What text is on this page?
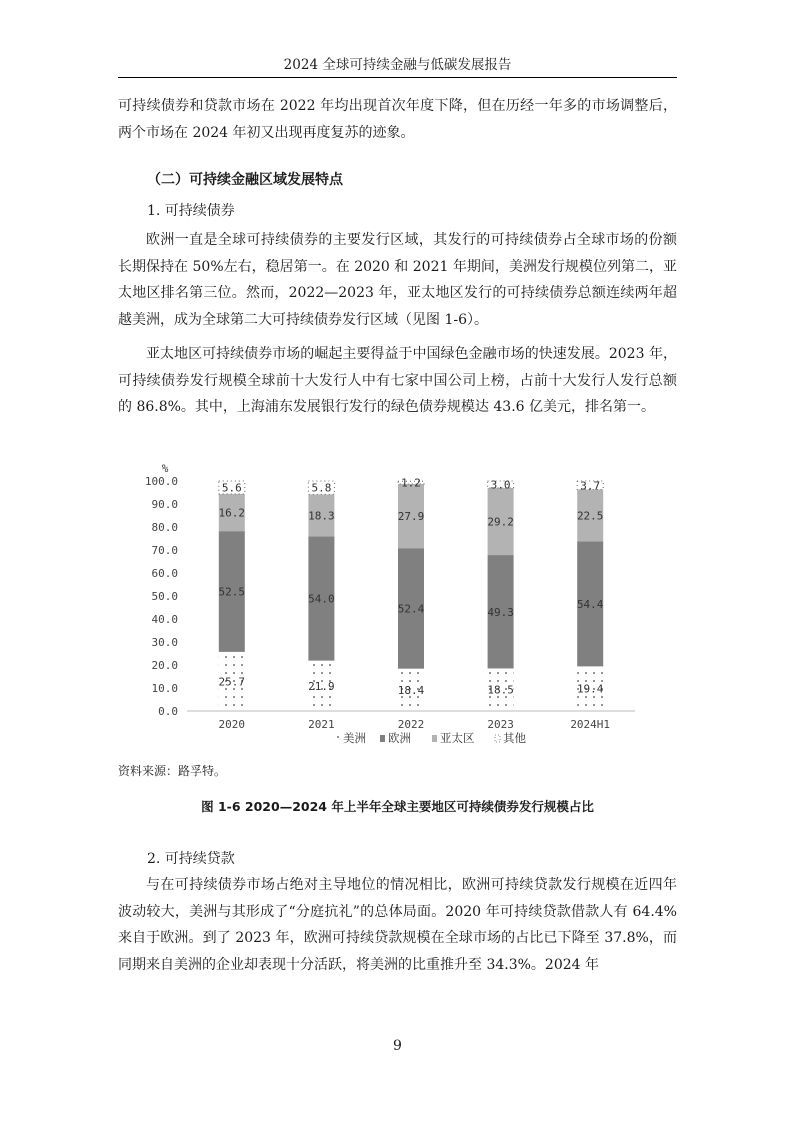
2024 全球可持续金融与低碳发展报告

可持续债券和贷款市场在 2022 年均出现首次年度下降，但在历经一年多的市场调整后，两个市场在 2024 年初又出现再度复苏的迹象。

（二）可持续金融区域发展特点

1. 可持续债券

欧洲一直是全球可持续债券的主要发行区域，其发行的可持续债券占全球市场的份额长期保持在 50%左右，稳居第一。在 2020 和 2021 年期间，美洲发行规模位列第二，亚太地区排名第三位。然而，2022—2023 年，亚太地区发行的可持续债券总额连续两年超越美洲，成为全球第二大可持续债券发行区域（见图 1-6）。

亚太地区可持续债券市场的崛起主要得益于中国绿色金融市场的快速发展。2023 年，可持续债券发行规模全球前十大发行人中有七家中国公司上榜，占前十大发行人发行总额的 86.8%。其中，上海浦东发展银行发行的绿色债券规模达 43.6 亿美元，排名第一。

%
0.0
10.0
20.0
30.0
40.0
50.0
60.0
70.0
80.0
90.0
100.0
25.7
52.5
16.2
5.6
2020
21.9
54.0
18.3
5.8
2021
18.4
52.4
27.9
1.2
2022
18.5
49.3
29.2
3.0
2023
19.4
54.4
22.5
3.7
2024H1
美洲 欧洲	亚太区 其他
资料来源：路孚特。
图 1-6 2020—2024 年上半年全球主要地区可持续债券发行规模占比

2. 可持续贷款

与在可持续债券市场占绝对主导地位的情况相比，欧洲可持续贷款发行规模在近四年波动较大，美洲与其形成了“分庭抗礼”的总体局面。2020 年可持续贷款借款人有 64.4%来自于欧洲。到了 2023 年，欧洲可持续贷款规模在全球市场的占比已下降至 37.8%，而同期来自美洲的企业却表现十分活跃，将美洲的比重推升至 34.3%。2024 年

9
